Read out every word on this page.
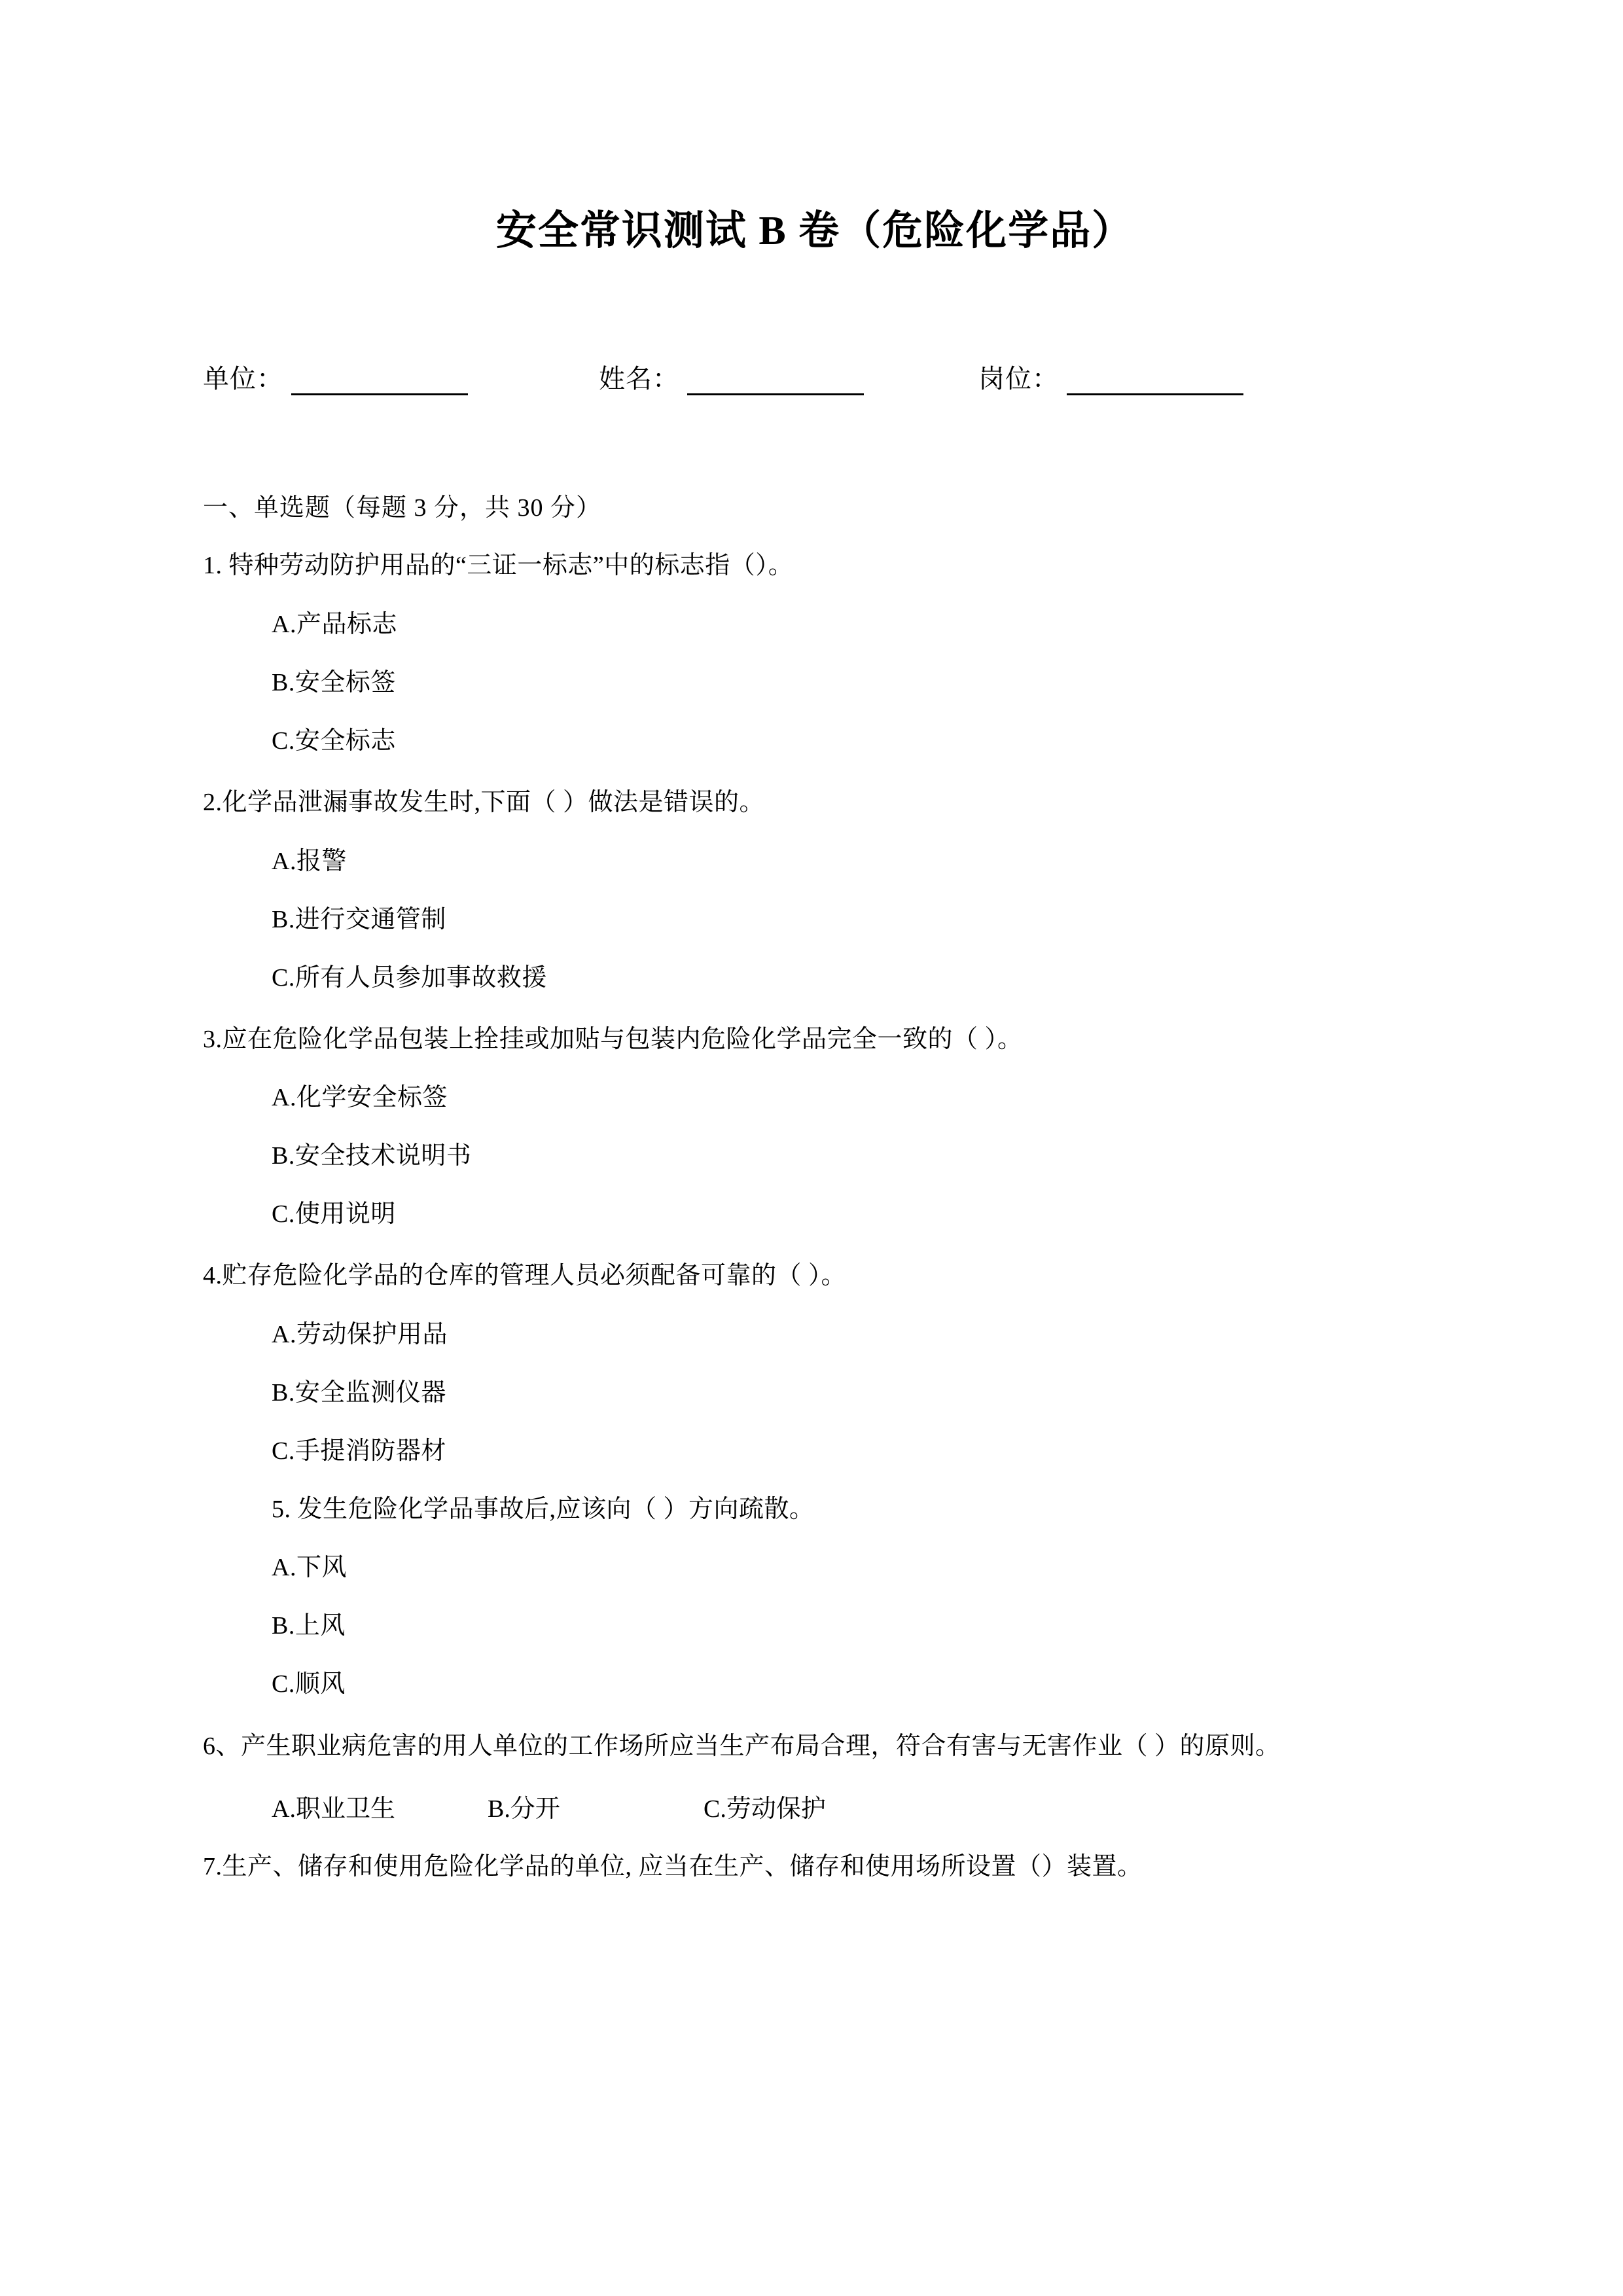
安全常识测试 B 卷（危险化学品）
单位：	姓名：	岗位：
一、单选题（每题 3 分，共 30 分）
1. 特种劳动防护用品的“三证一标志”中的标志指（）。
A.产品标志
B.安全标签
C.安全标志
2.化学品泄漏事故发生时,下面（ ）做法是错误的。
A.报警
B.进行交通管制
C.所有人员参加事故救援
3.应在危险化学品包装上拴挂或加贴与包装内危险化学品完全一致的（ ）。
A.化学安全标签
B.安全技术说明书
C.使用说明
4.贮存危险化学品的仓库的管理人员必须配备可靠的（ ）。
A.劳动保护用品
B.安全监测仪器
C.手提消防器材
5. 发生危险化学品事故后,应该向（ ）方向疏散。
A.下风
B.上风
C.顺风
6、产生职业病危害的用人单位的工作场所应当生产布局合理，符合有害与无害作业（ ）的原则。
A.职业卫生	B.分开	C.劳动保护
7.生产、储存和使用危险化学品的单位, 应当在生产、储存和使用场所设置（）装置。
